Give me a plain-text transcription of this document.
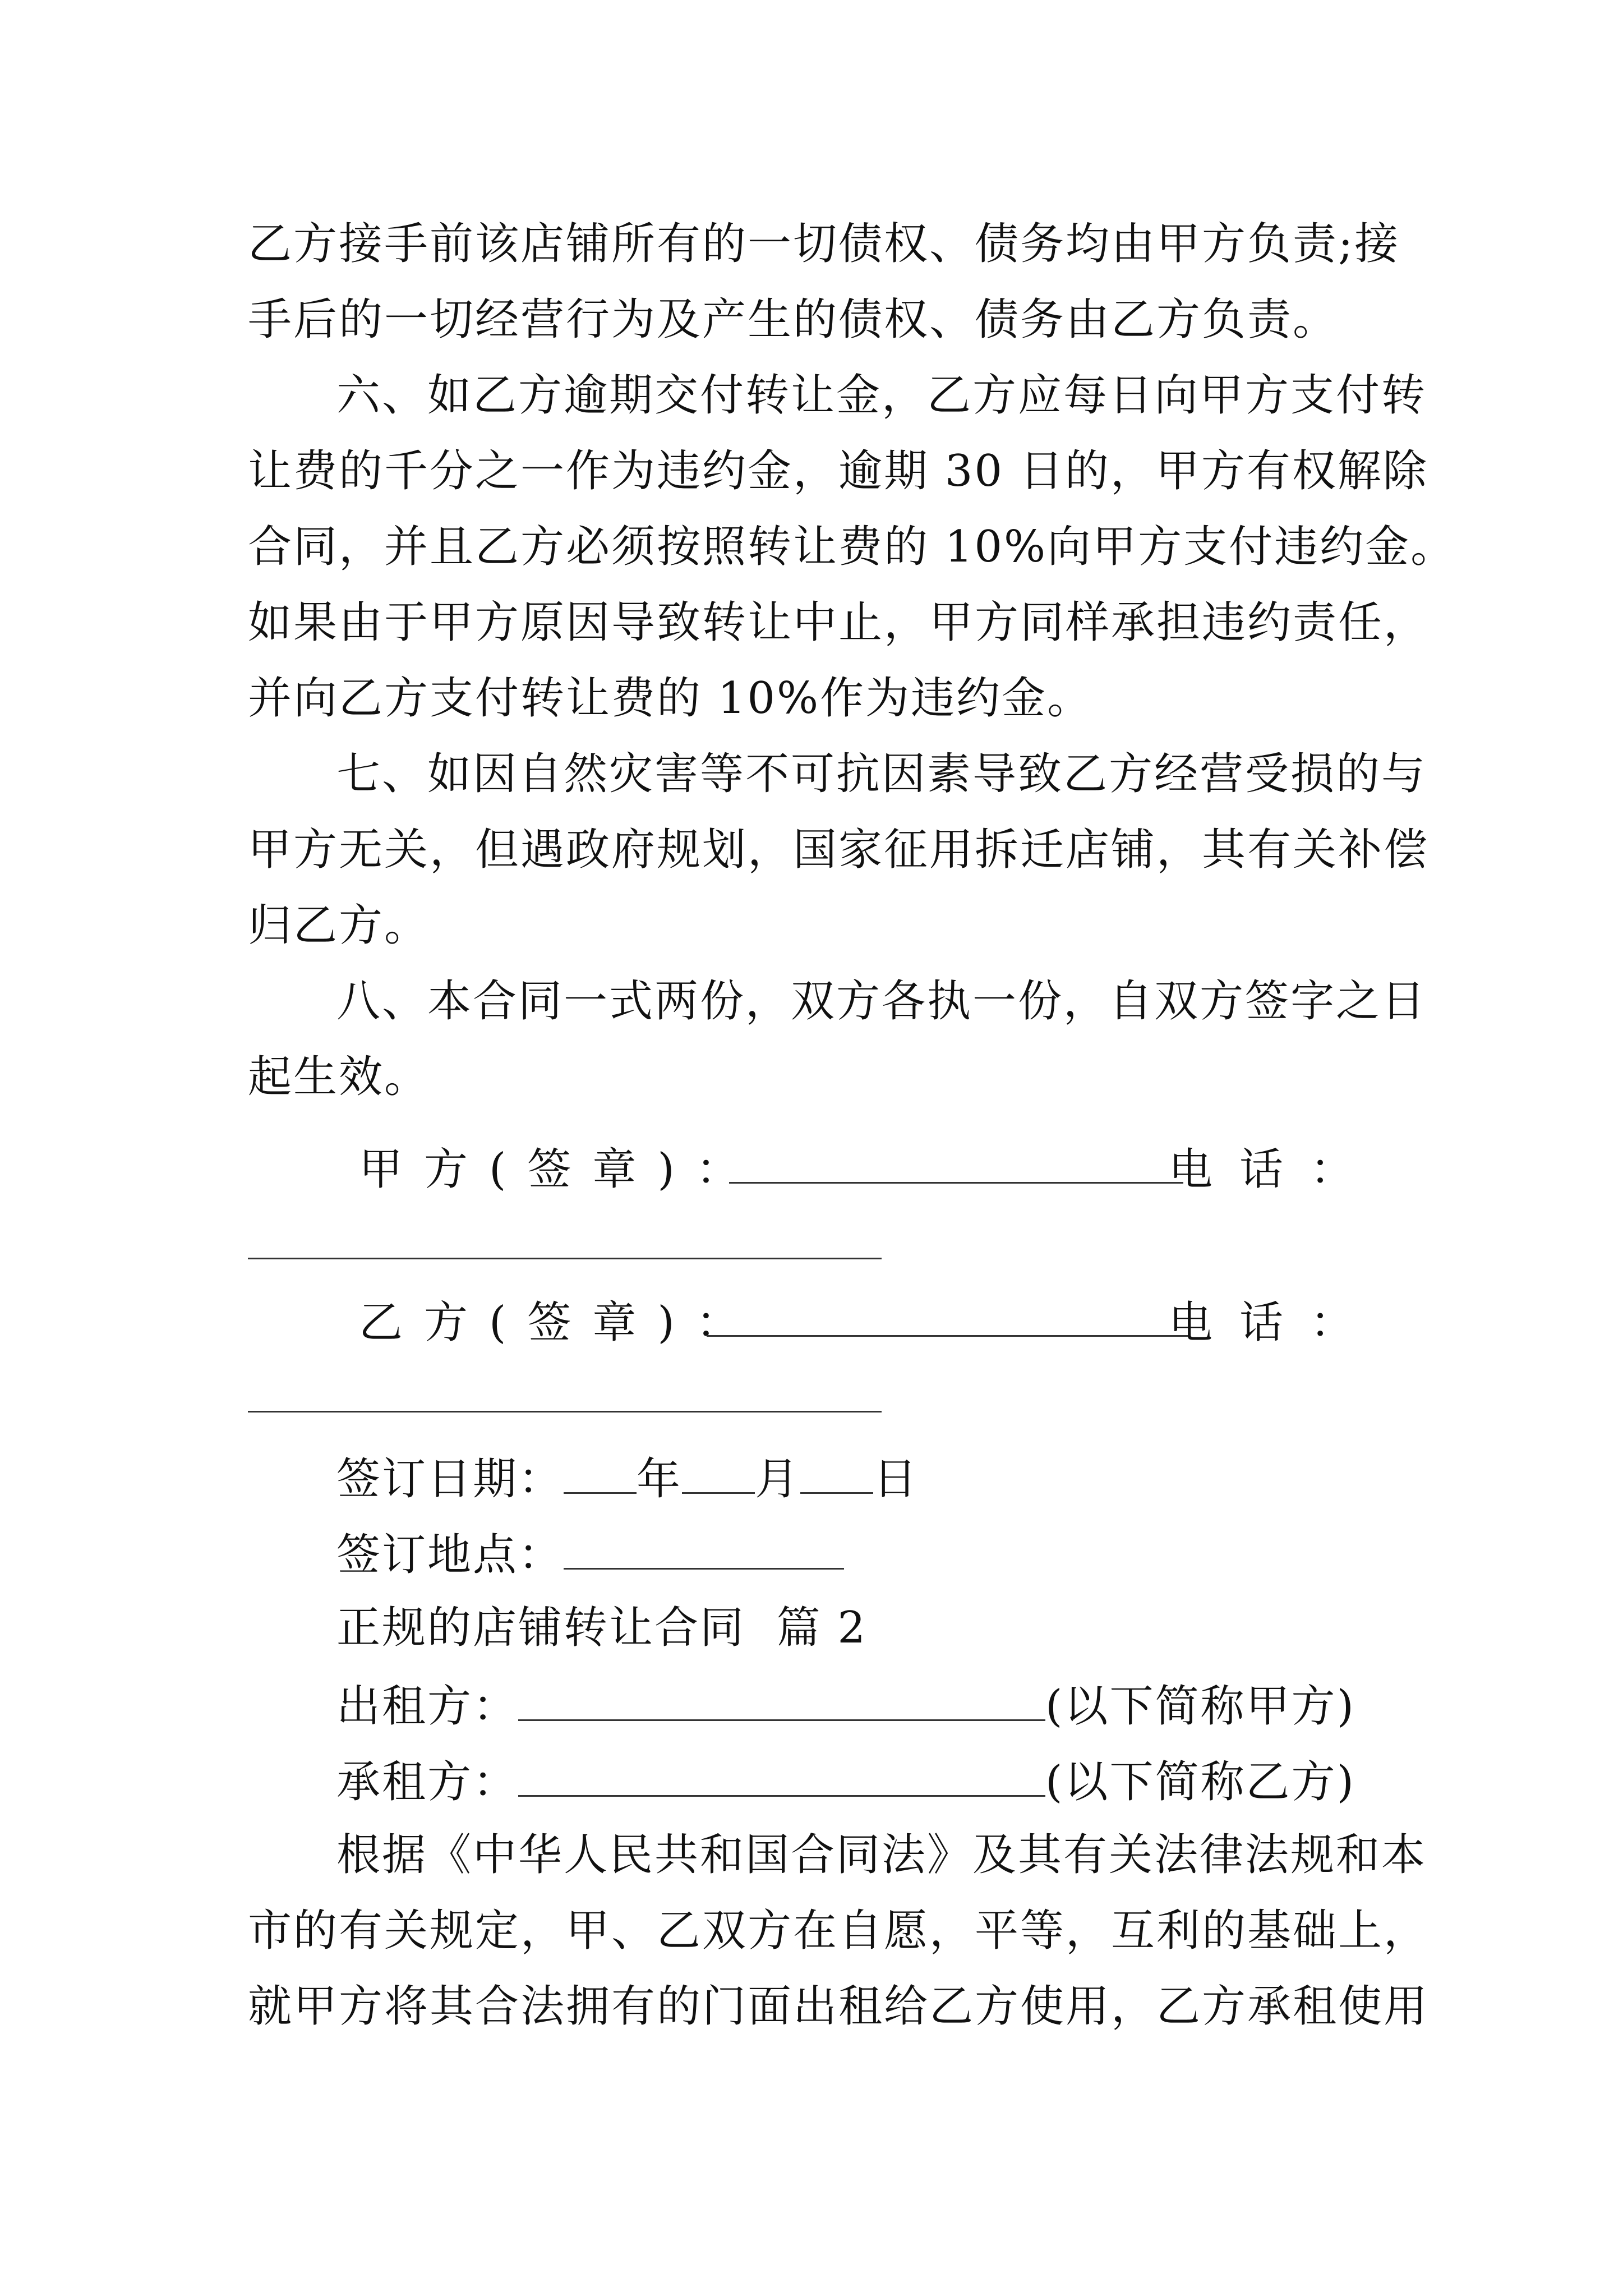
乙方接手前该店铺所有的一切债权、债务均由甲方负责;接
手后的一切经营行为及产生的债权、债务由乙方负责。
六、如乙方逾期交付转让金，乙方应每日向甲方支付转
让费的千分之一作为违约金，逾期 30 日的，甲方有权解除
合同，并且乙方必须按照转让费的 10%向甲方支付违约金。
如果由于甲方原因导致转让中止，甲方同样承担违约责任，
并向乙方支付转让费的 10%作为违约金。
七、如因自然灾害等不可抗因素导致乙方经营受损的与
甲方无关，但遇政府规划，国家征用拆迁店铺，其有关补偿
归乙方。
八、本合同一式两份，双方各执一份，自双方签字之日
起生效。
甲方(签章)：	电话：
乙方(签章)：	电话：
签订日期： 年 月 日
签订地点：
正规的店铺转让合同  篇 2
出租方：	(以下简称甲方)
承租方：	(以下简称乙方)
根据《中华人民共和国合同法》及其有关法律法规和本
市的有关规定，甲、乙双方在自愿，平等，互利的基础上，
就甲方将其合法拥有的门面出租给乙方使用，乙方承租使用
